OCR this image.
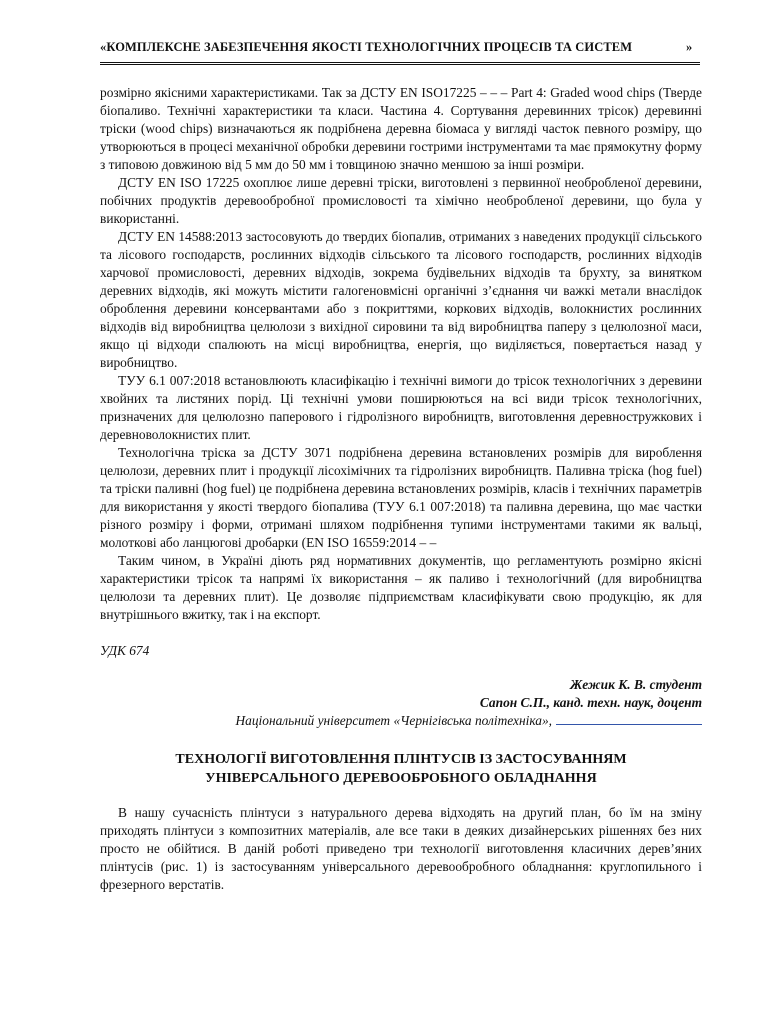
«КОМПЛЕКСНЕ ЗАБЕЗПЕЧЕННЯ ЯКОСТІ ТЕХНОЛОГІЧНИХ ПРОЦЕСІВ ТА СИСТЕМ	»

розмірно якісними характеристиками. Так за ДСТУ EN ISO17225 – – – Part 4: Graded wood chips (Тверде біопаливо. Технічні характеристики та класи. Частина 4. Сортування деревинних трісок) деревинні тріски (wood chips) визначаються як подрібнена деревна біомаса у вигляді часток певного розміру, що утворюються в процесі механічної обробки деревини гострими інструментами та має прямокутну форму з типовою довжиною від 5 мм до 50 мм і товщиною значно меншою за інші розміри.

ДСТУ EN ISO 17225 охоплює лише деревні тріски, виготовлені з первинної необробленої деревини, побічних продуктів деревообробної промисловості та хімічно необробленої деревини, що була у використанні.

ДСТУ EN 14588:2013 застосовують до твердих біопалив, отриманих з наведених продукції сільського та лісового господарств, рослинних відходів сільського та лісового господарств, рослинних відходів харчової промисловості, деревних відходів, зокрема будівельних відходів та брухту, за винятком деревних відходів, які можуть містити галогеновмісні органічні з’єднання чи важкі метали внаслідок оброблення деревини консервантами або з покриттями, коркових відходів, волокнистих рослинних відходів від виробництва целюлози з вихідної сировини та від виробництва паперу з целюлозної маси, якщо ці відходи спалюють на місці виробництва, енергія, що виділяється, повертається назад у виробництво.

ТУУ 6.1 007:2018 встановлюють класифікацію і технічні вимоги до трісок технологічних з деревини хвойних та листяних порід. Ці технічні умови поширюються на всі види трісок технологічних, призначених для целюлозно паперового і гідролізного виробництв, виготовлення деревностружкових і деревноволокнистих плит.

Технологічна тріска за ДСТУ 3071 подрібнена деревина встановлених розмірів для вироблення целюлози, деревних плит і продукції лісохімічних та гідролізних виробництв. Паливна тріска (hog fuel) та тріски паливні (hog fuel) це подрібнена деревина встановлених розмірів, класів і технічних параметрів для використання у якості твердого біопалива (ТУУ 6.1 007:2018) та паливна деревина, що має частки різного розміру і форми, отримані шляхом подрібнення тупими інструментами такими як вальці, молоткові або ланцюгові дробарки (EN ISO 16559:2014 – –

Таким чином, в Україні діють ряд нормативних документів, що регламентують розмірно якісні характеристики трісок та напрямі їх використання – як паливо і технологічний (для виробництва целюлози та деревних плит). Це дозволяє підприємствам класифікувати свою продукцію, як для внутрішнього вжитку, так і на експорт.

УДК 674

Жежик К. В. студент
Сапон С.П., канд. техн. наук, доцент
Національний університет «Чернігівська політехніка»,
ТЕХНОЛОГІЇ ВИГОТОВЛЕННЯ ПЛІНТУСІВ ІЗ ЗАСТОСУВАННЯМ
УНІВЕРСАЛЬНОГО ДЕРЕВООБРОБНОГО ОБЛАДНАННЯ

В нашу сучасність плінтуси з натурального дерева відходять на другий план, бо їм на зміну приходять плінтуси з композитних матеріалів, але все таки в деяких дизайнерських рішеннях без них просто не обійтися. В даній роботі приведено три технології виготовлення класичних дерев’яних плінтусів (рис. 1) із застосуванням універсального деревообробного обладнання: круглопильного і фрезерного верстатів.
